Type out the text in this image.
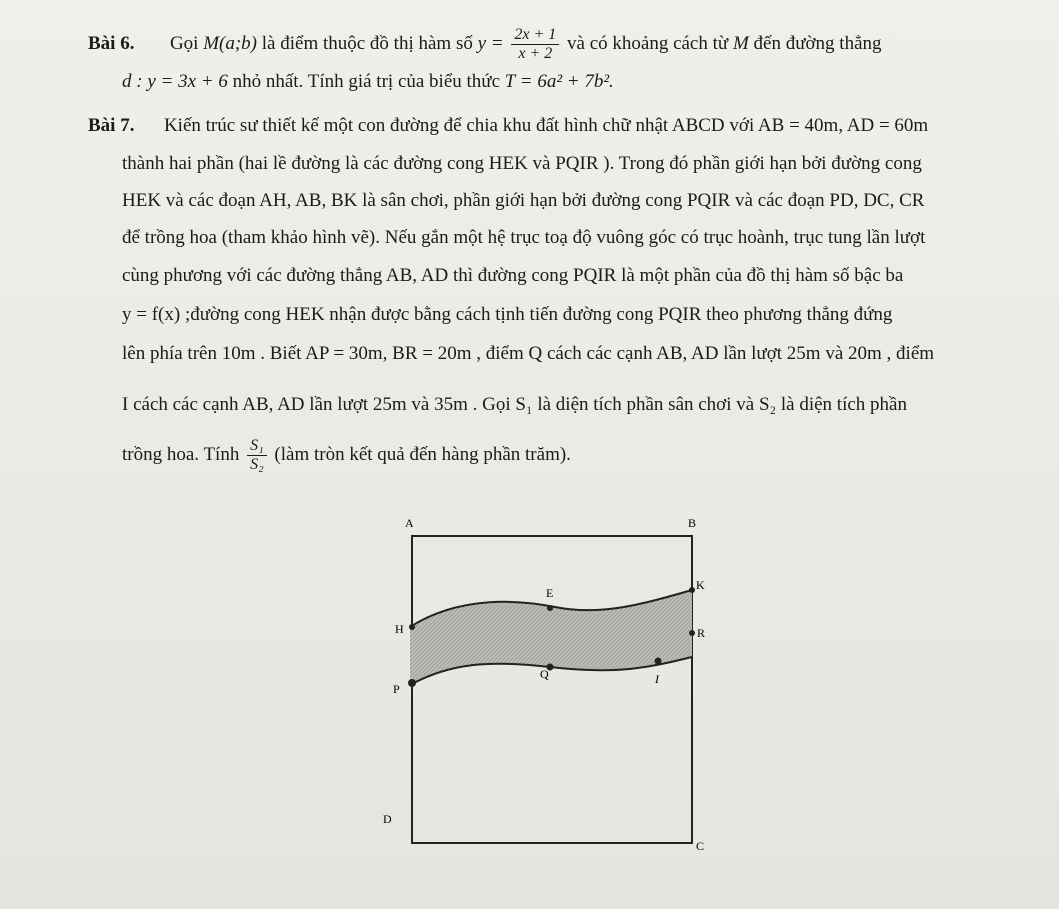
Bài 6. Gọi M(a;b) là điểm thuộc đồ thị hàm số $y = \frac{2x + 1}{x + 2}$ và có khoảng cách từ M đến đường thẳng
d : y = 3x + 6 nhỏ nhất. Tính giá trị của biểu thức T = 6a² + 7b².
Bài 7. Kiến trúc sư thiết kế một con đường để chia khu đất hình chữ nhật ABCD với AB = 40m, AD = 60m
thành hai phần (hai lề đường là các đường cong HEK và PQIR ). Trong đó phần giới hạn bởi đường cong
HEK và các đoạn AH, AB, BK là sân chơi, phần giới hạn bởi đường cong PQIR và các đoạn PD, DC, CR
để trồng hoa (tham khảo hình vẽ). Nếu gắn một hệ trục toạ độ vuông góc có trục hoành, trục tung lần lượt
cùng phương với các đường thẳng AB, AD thì đường cong PQIR là một phần của đồ thị hàm số bậc ba
y = f(x) ;đường cong HEK nhận được bằng cách tịnh tiến đường cong PQIR theo phương thẳng đứng
lên phía trên 10m . Biết AP = 30m, BR = 20m , điểm Q cách các cạnh AB, AD lần lượt 25m và 20m , điểm
I cách các cạnh AB, AD lần lượt 25m và 35m . Gọi S₁ là diện tích phần sân chơi và S₂ là diện tích phần
trồng hoa. Tính $\frac{\text{S₁}}{\text{S₂}}$ (làm tròn kết quả đến hàng phần trăm).
A	B
E
K
H	R
Q	I
P
D
C
